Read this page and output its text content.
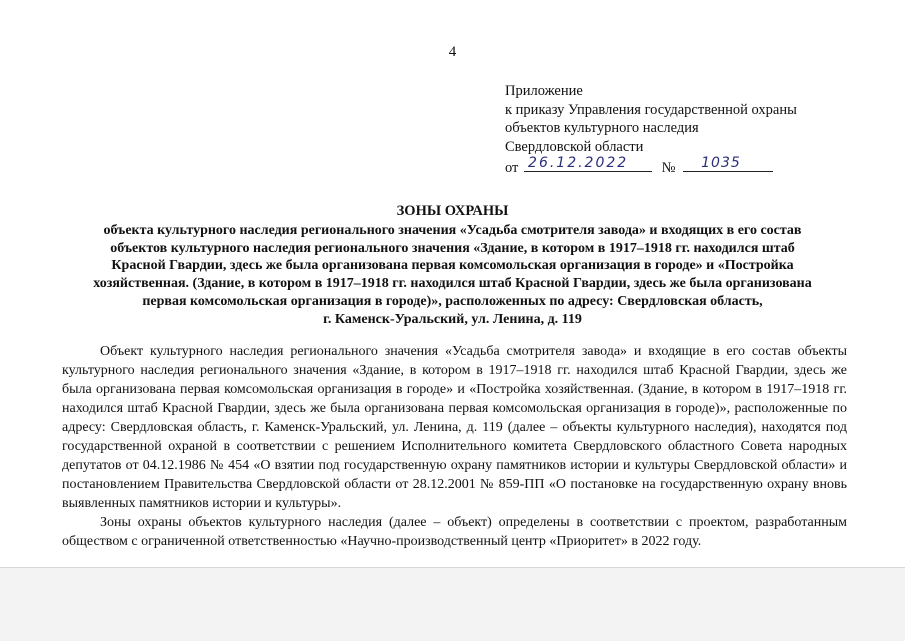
4
Приложение
к приказу Управления государственной охраны
объектов культурного наследия
Свердловской области
от 26.12.2022 № 1035
ЗОНЫ ОХРАНЫ
объекта культурного наследия регионального значения «Усадьба смотрителя завода» и входящих в его состав
объектов культурного наследия регионального значения «Здание, в котором в 1917–1918 гг. находился штаб
Красной Гвардии, здесь же была организована первая комсомольская организация в городе» и «Постройка
хозяйственная. (Здание, в котором в 1917–1918 гг. находился штаб Красной Гвардии, здесь же была организована
первая комсомольская организация в городе)», расположенных по адресу: Свердловская область,
г. Каменск-Уральский, ул. Ленина, д. 119

Объект культурного наследия регионального значения «Усадьба смотрителя завода» и входящие в его состав объекты культурного наследия регионального значения «Здание, в котором в 1917–1918 гг. находился штаб Красной Гвардии, здесь же была организована первая комсомольская организация в городе» и «Постройка хозяйственная. (Здание, в котором в 1917–1918 гг. находился штаб Красной Гвардии, здесь же была организована первая комсомольская организация в городе)», расположенные по адресу: Свердловская область, г. Каменск-Уральский, ул. Ленина, д. 119 (далее – объекты культурного наследия), находятся под государственной охраной в соответствии с решением Исполнительного комитета Свердловского областного Совета народных депутатов от 04.12.1986 № 454 «О взятии под государственную охрану памятников истории и культуры Свердловской области» и постановлением Правительства Свердловской области от 28.12.2001 № 859-ПП «О постановке на государственную охрану вновь выявленных памятников истории и культуры».

Зоны охраны объектов культурного наследия (далее – объект) определены в соответствии с проектом, разработанным обществом с ограниченной ответственностью «Научно-производственный центр «Приоритет» в 2022 году.
